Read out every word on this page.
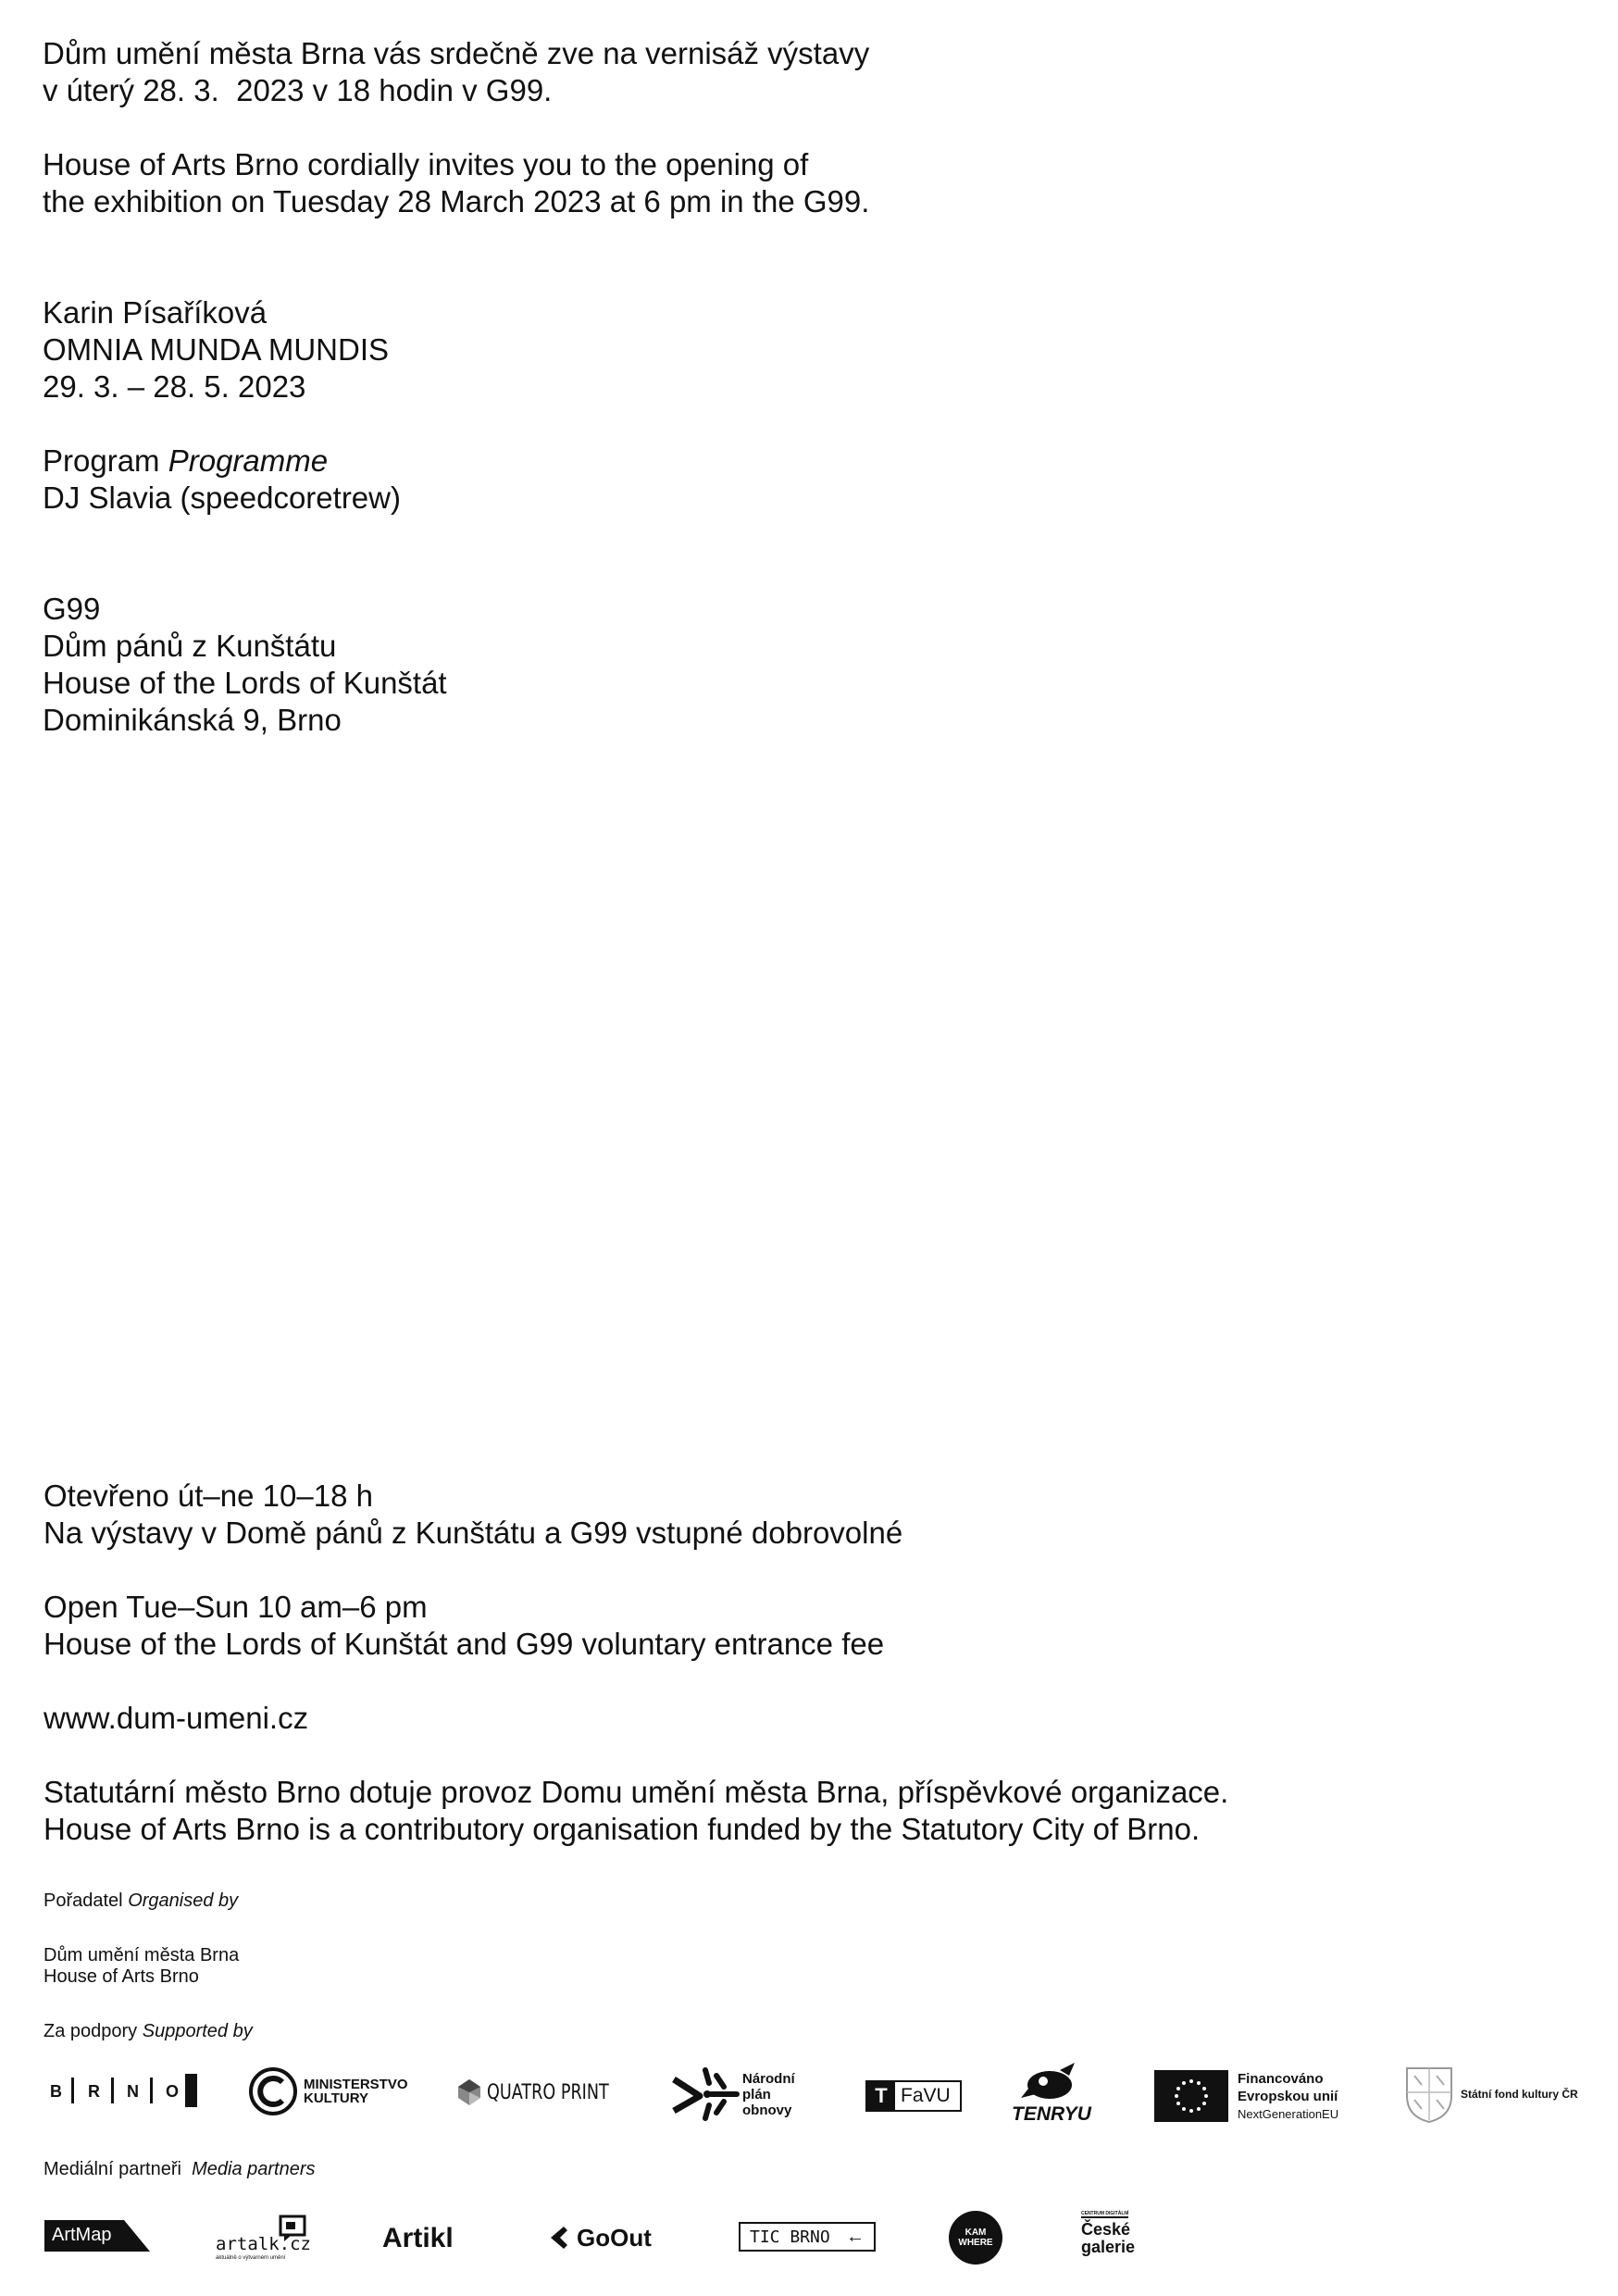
Dům umění města Brna vás srdečně zve na vernisáž výstavy
v úterý 28. 3.  2023 v 18 hodin v G99.
House of Arts Brno cordially invites you to the opening of
the exhibition on Tuesday 28 March 2023 at 6 pm in the G99.
Karin Písaříková
OMNIA MUNDA MUNDIS
29. 3. – 28. 5. 2023
Program Programme
DJ Slavia (speedcoretrew)
G99
Dům pánů z Kunštátu
House of the Lords of Kunštát
Dominikánská 9, Brno
Otevřeno út–ne 10–18 h
Na výstavy v Domě pánů z Kunštátu a G99 vstupné dobrovolné
Open Tue–Sun 10 am–6 pm
House of the Lords of Kunštát and G99 voluntary entrance fee
www.dum-umeni.cz
Statutární město Brno dotuje provoz Domu umění města Brna, příspěvkové organizace.
House of Arts Brno is a contributory organisation funded by the Statutory City of Brno.
Pořadatel Organised by
Dům umění města Brna
House of Arts Brno
Za podpory Supported by
B R N O	MINISTERSTVO
KULTURY	QUATRO PRINT
Národní
plán
obnovy
T FaVU
TENRYU
Financováno
Evropskou unií
NextGenerationEU
Státní fond kultury ČR
Mediální partneři Media partners
ArtMap	artalk.cz
aktuálně o výtvarném umění
Artikl	GoOut	TIC BRNO ←	KAM
WHERE
CENTRUM DIGITÁLNÍ
České
galerie
